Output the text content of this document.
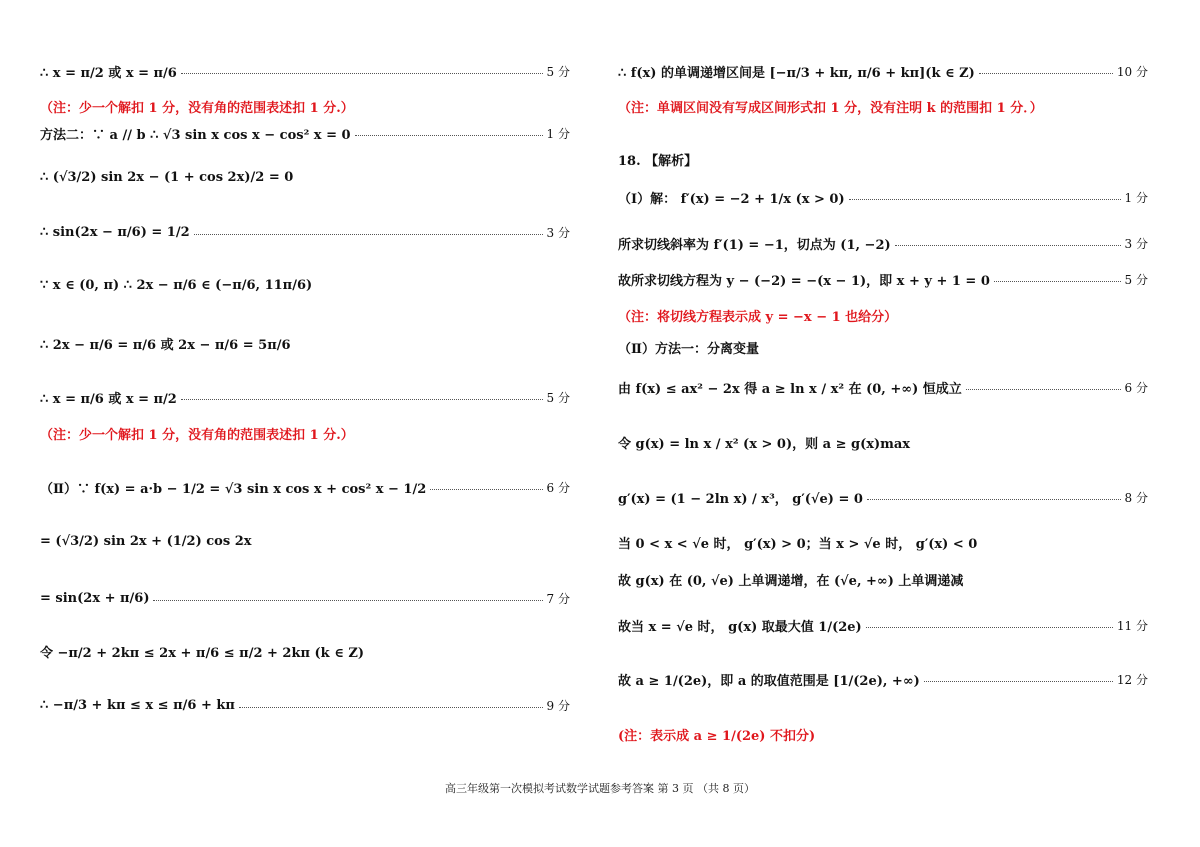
∴ x = π/2 或 x = π/6	5 分
（注：少一个解扣 1 分，没有角的范围表述扣 1 分.）
方法二：∵ a // b ∴ √3 sin x cos x − cos² x = 0	1 分
∴ (√3/2) sin 2x − (1 + cos 2x)/2 = 0
∴ sin(2x − π/6) = 1/2	3 分
∵ x ∈ (0, π) ∴ 2x − π/6 ∈ (−π/6, 11π/6)
∴ 2x − π/6 = π/6 或 2x − π/6 = 5π/6
∴ x = π/6 或 x = π/2	5 分
（注：少一个解扣 1 分，没有角的范围表述扣 1 分.）
（Ⅱ）∵ f(x) = a·b − 1/2 = √3 sin x cos x + cos² x − 1/2	6 分
= (√3/2) sin 2x + (1/2) cos 2x
= sin(2x + π/6)	7 分
令 −π/2 + 2kπ ≤ 2x + π/6 ≤ π/2 + 2kπ (k ∈ Z)
∴ −π/3 + kπ ≤ x ≤ π/6 + kπ	9 分
∴ f(x) 的单调递增区间是 [−π/3 + kπ, π/6 + kπ](k ∈ Z)	10 分
（注：单调区间没有写成区间形式扣 1 分，没有注明 k 的范围扣 1 分．）
18. 【解析】
（Ⅰ）解： f′(x) = −2 + 1/x (x > 0)	1 分
所求切线斜率为 f′(1) = −1，切点为 (1, −2)	3 分
故所求切线方程为 y − (−2) = −(x − 1)，即 x + y + 1 = 0	5 分
（注：将切线方程表示成 y = −x − 1 也给分）
（Ⅱ）方法一：分离变量
由 f(x) ≤ ax² − 2x 得 a ≥ ln x / x² 在 (0, +∞) 恒成立	6 分
令 g(x) = ln x / x² (x > 0)，则 a ≥ g(x)max
g′(x) = (1 − 2ln x) / x³， g′(√e) = 0	8 分
当 0 < x < √e 时， g′(x) > 0；当 x > √e 时， g′(x) < 0
故 g(x) 在 (0, √e) 上单调递增，在 (√e, +∞) 上单调递减
故当 x = √e 时， g(x) 取最大值 1/(2e)	11 分
故 a ≥ 1/(2e)，即 a 的取值范围是 [1/(2e), +∞)	12 分
(注：表示成 a ≥ 1/(2e) 不扣分)
高三年级第一次模拟考试数学试题参考答案 第 3 页 （共 8 页）
